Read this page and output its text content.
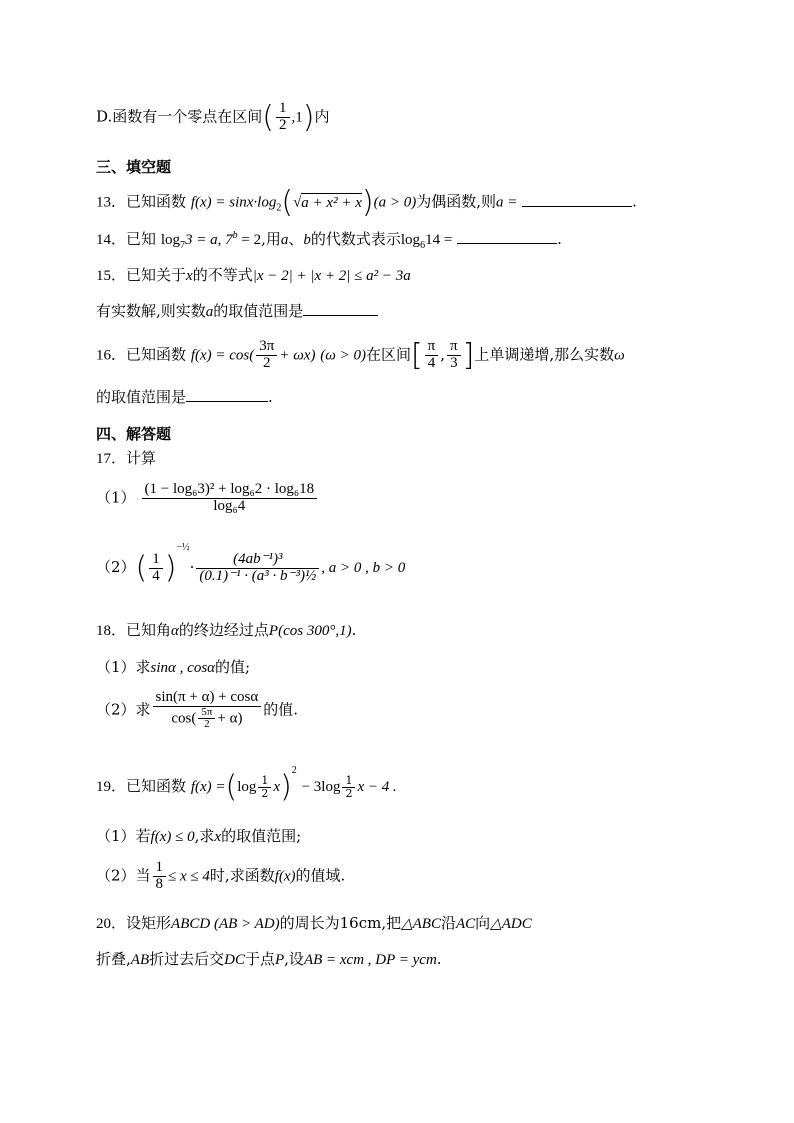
D.函数有一个零点在区间( $\frac{1}{2} ,1$)内
三、填空题
13．已知函数 $f(x) = \sin x\cdot\log_2(√a + x^2 + x)(a > 0)$为偶函数,则a =	.
14．已知 $\log_73 = a$, $7^b = 2$,用a、b的代数式表示$\log_614$ =	.
15．已知关于x的不等式|x − 2| + |x + 2| ≤ a² − 3a
有实数解,则实数a的取值范围是
16．已知函数 $f(x) = \cos( \frac{3\pi}{2} + \omega x)$ (ω > 0)在区间[ $\frac{\pi}{4}$ , $\frac{\pi}{3}$ ]上单调递增,那么实数ω
的取值范围是	.
四、解答题
17．计算
$(1) \frac{\text{(1 − log₆3)² + log₆2 · log₆18}}{\text{log₆4}}$
$(2)( \frac{1}{4} )^{-\frac{1}{2}}\cdot \frac{\text{(4ab⁻¹)³}}{\text{(0.1)⁻¹ · (a³ · b⁻³)½}}$ , a > 0 , b > 0
18．已知角α的终边经过点P(cos 300°,1).
（1）求sinα , cosα的值;
（2）求 $\frac{\sin(\pi + \alpha) + \cos\alpha}{\cos( \frac{5\pi}{2} + \alpha)}$ 的值.
19．已知函数 $f(x) =(\log \frac{1}{2} x)^2 - 3\log \frac{1}{2}$ x − 4 .
（1）若f(x) ≤ 0,求x的取值范围;
（2）当 $\frac{1}{8} \le x \le 4$时,求函数f(x)的值域.
20．设矩形ABCD (AB > AD)的周长为16cm,把△ABC沿AC向△ADC
折叠,AB折过去后交DC于点P,设AB = xcm , DP = ycm.
